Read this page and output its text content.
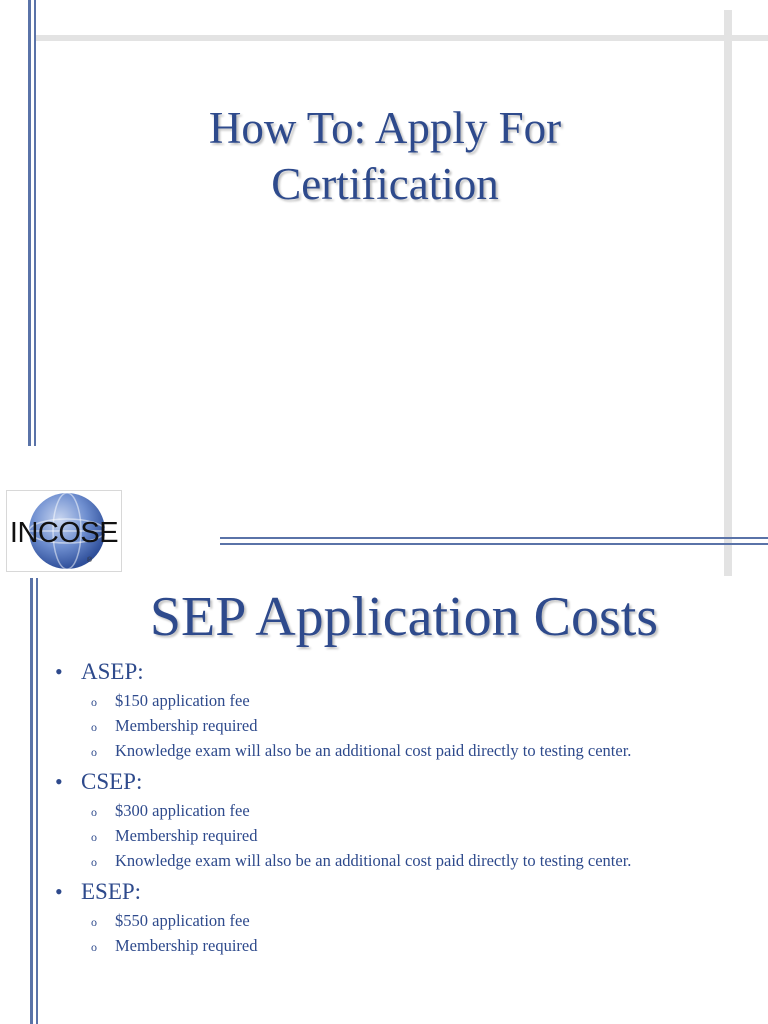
How To: Apply For
Certification
INCOSE
®
SEP Application Costs
• ASEP:
o	$150 application fee
o	Membership required
o	Knowledge exam will also be an additional cost paid directly to testing center.
• CSEP:
o	$300 application fee
o	Membership required
o	Knowledge exam will also be an additional cost paid directly to testing center.
• ESEP:
o	$550 application fee
o	Membership required
